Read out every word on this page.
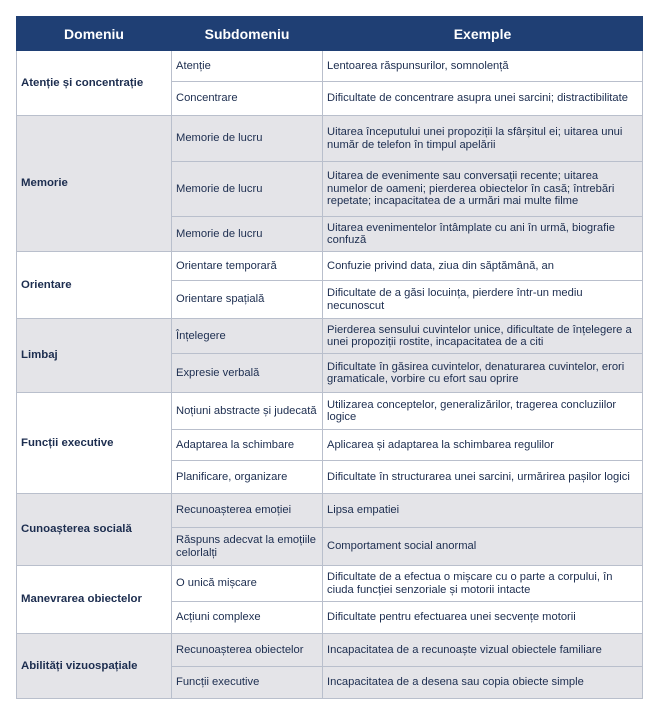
Domeniu	Subdomeniu	Exemple
Atenție și concentrație	Atenție	Lentoarea răspunsurilor, somnolență
	Concentrare	Dificultate de concentrare asupra unei sarcini; distractibilitate
Memorie	Memorie de lucru	Uitarea începutului unei propoziții la sfârșitul ei; uitarea unui număr de telefon în timpul apelării
	Memorie de lucru	Uitarea de evenimente sau conversații recente; uitarea numelor de oameni; pierderea obiectelor în casă; întrebări repetate; incapacitatea de a urmări mai multe filme
	Memorie de lucru	Uitarea evenimentelor întâmplate cu ani în urmă, biografie confuză
Orientare	Orientare temporară	Confuzie privind data, ziua din săptămână, an
	Orientare spațială	Dificultate de a găsi locuința, pierdere într-un mediu necunoscut
Limbaj	Înțelegere	Pierderea sensului cuvintelor unice, dificultate de înțelegere a unei propoziții rostite, incapacitatea de a citi
	Expresie verbală	Dificultate în găsirea cuvintelor, denaturarea cuvintelor, erori gramaticale, vorbire cu efort sau oprire
Funcții executive	Noțiuni abstracte și judecată	Utilizarea conceptelor, generalizărilor, tragerea concluziilor logice
	Adaptarea la schimbare	Aplicarea și adaptarea la schimbarea regulilor
	Planificare, organizare	Dificultate în structurarea unei sarcini, urmărirea pașilor logici
Cunoașterea socială	Recunoașterea emoției	Lipsa empatiei
	Răspuns adecvat la emoțiile celorlalți	Comportament social anormal
Manevrarea obiectelor	O unică mișcare	Dificultate de a efectua o mișcare cu o parte a corpului, în ciuda funcției senzoriale și motorii intacte
	Acțiuni complexe	Dificultate pentru efectuarea unei secvențe motorii
Abilități vizuospațiale	Recunoașterea obiectelor	Incapacitatea de a recunoaște vizual obiectele familiare
	Funcții executive	Incapacitatea de a desena sau copia obiecte simple
